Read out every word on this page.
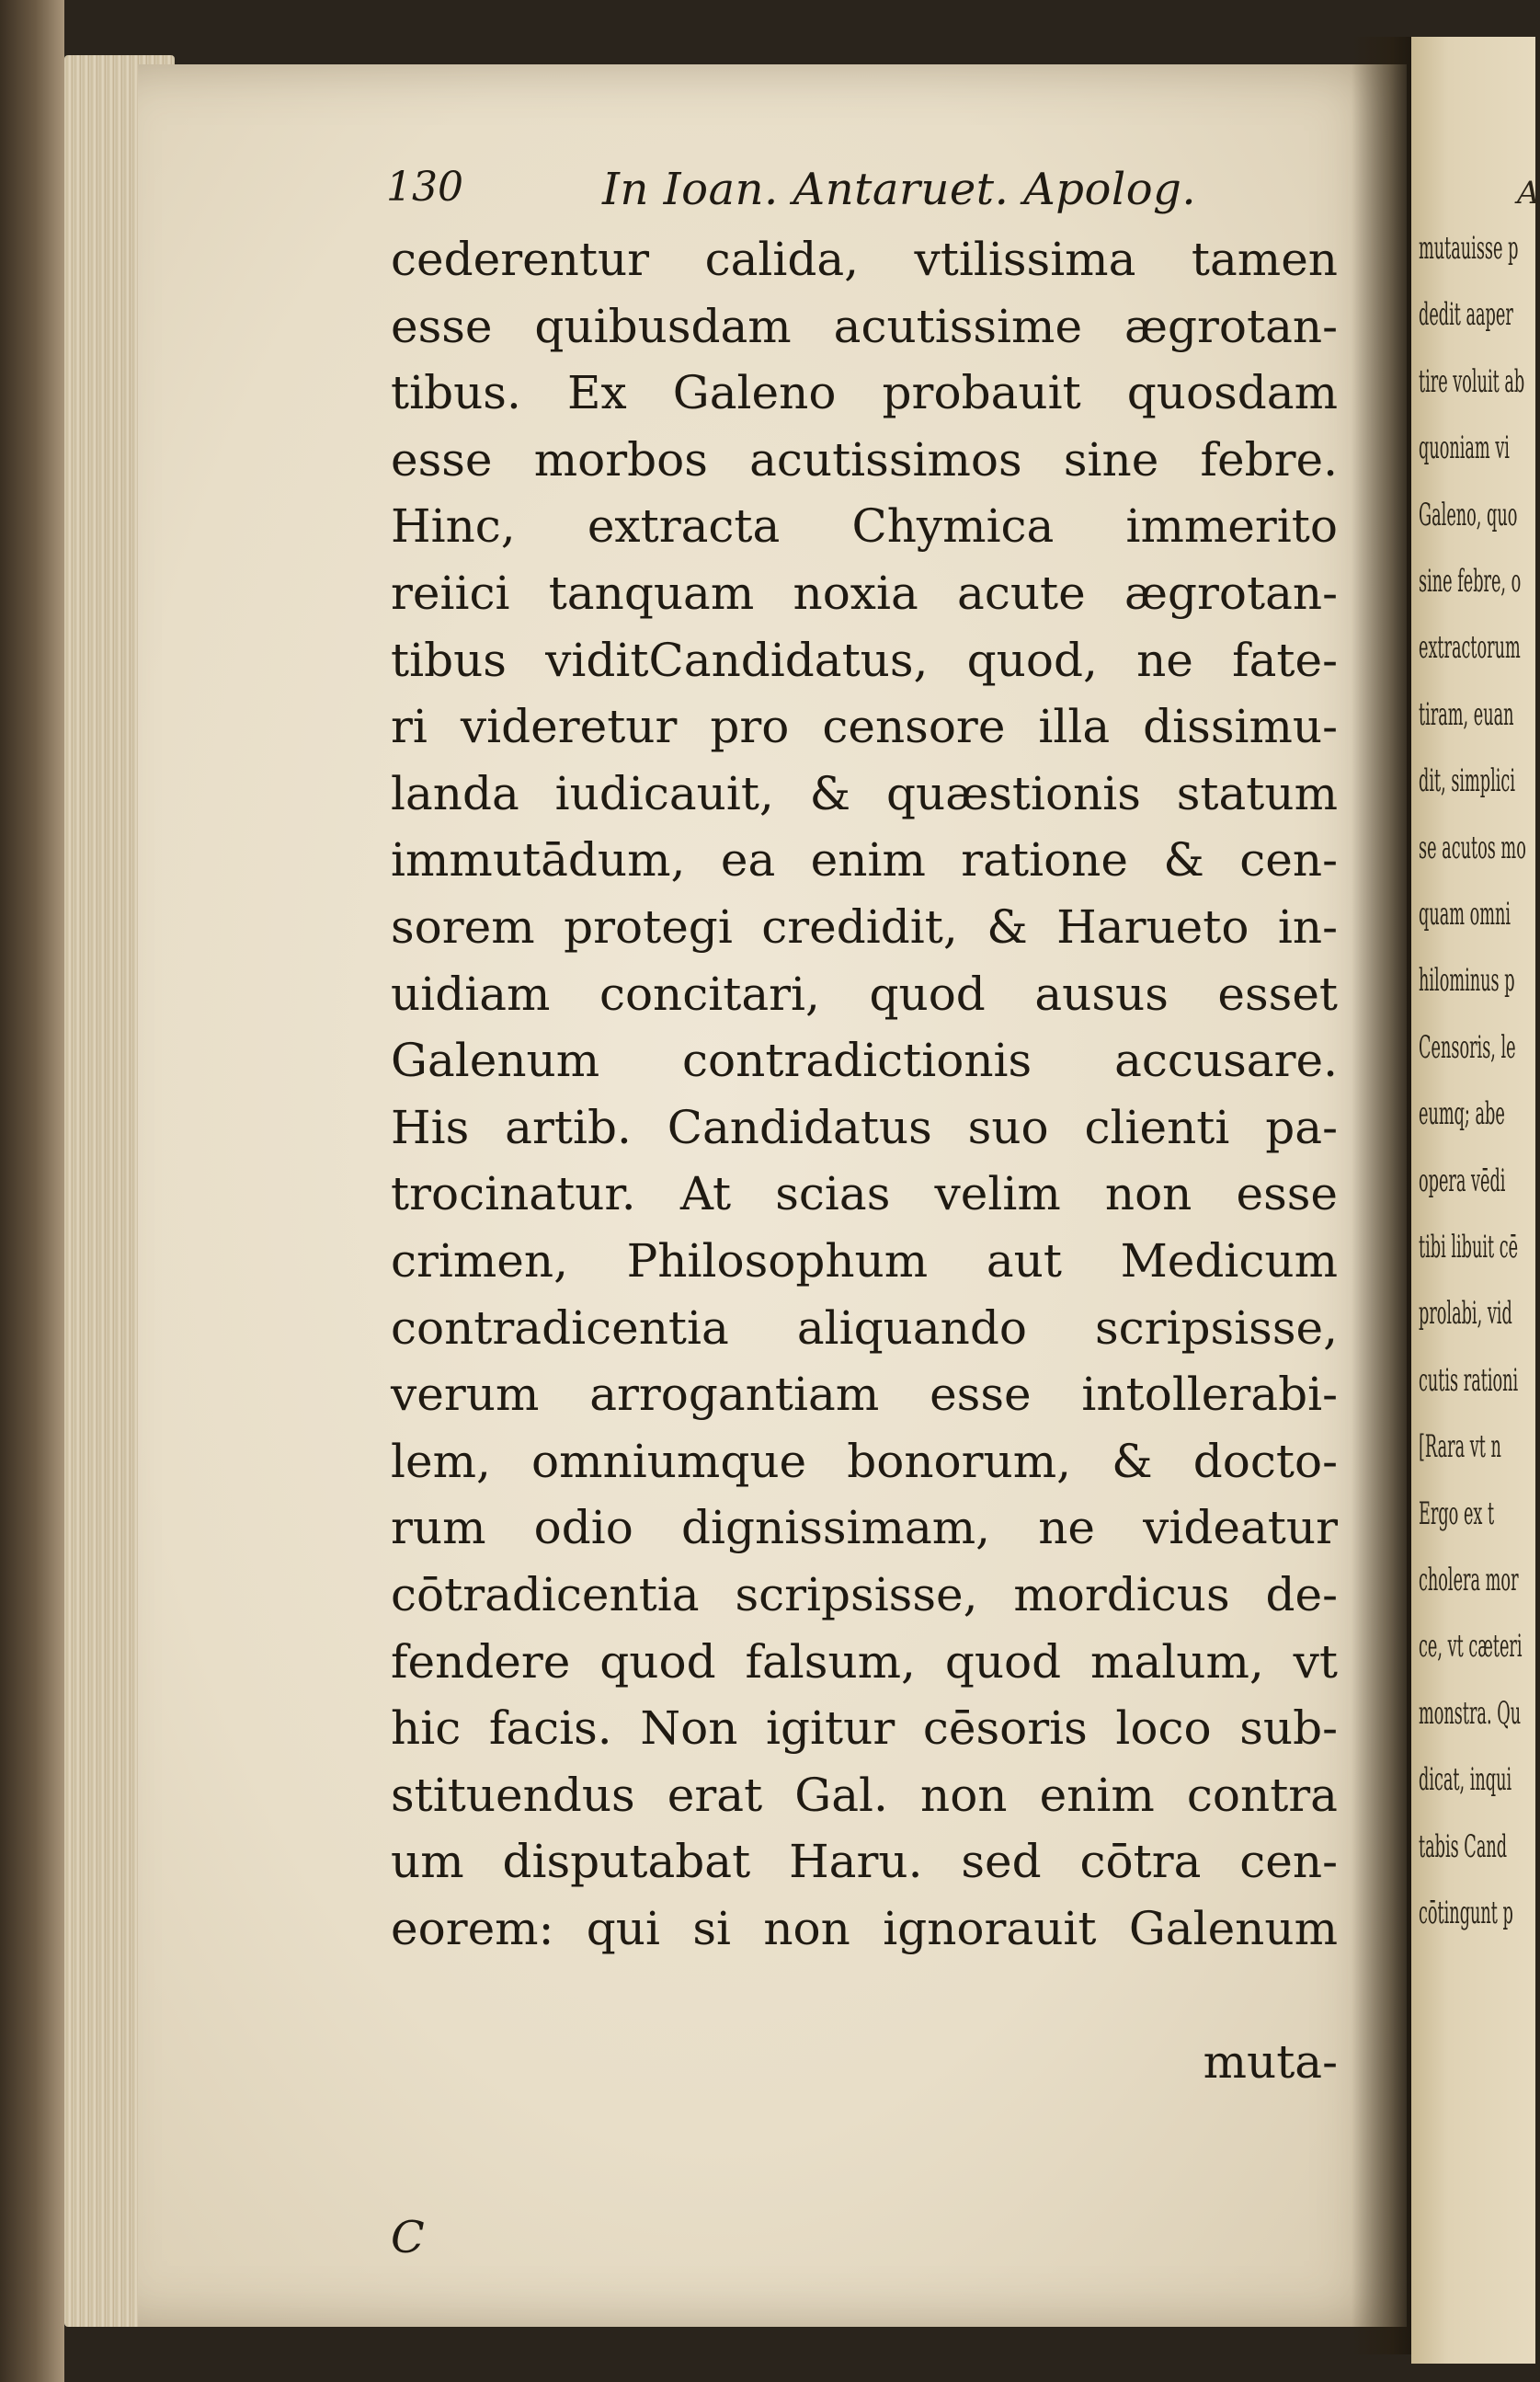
A
mutauisse p
dedit aaper
tire voluit ab
quoniam vi
Galeno, quo
sine febre, o
extractorum
tiram, euan
dit, simplici
se acutos mo
quam omni
hilominus p
Censoris, le
eumq; abe
opera vēdi
tibi libuit cē
prolabi, vid
cutis rationi
[Rara vt n
Ergo ex t
cholera mor
ce, vt cæteri
monstra. Qu
dicat, inqui
tabis Cand
cōtingunt p
130	In Ioan. Antaruet. Apolog.
cederentur calida, vtilissima tamen
esse quibusdam acutissime ægrotan-
tibus. Ex Galeno probauit quosdam
esse morbos acutissimos sine febre.
Hinc, extracta Chymica immerito
reiici tanquam noxia acute ægrotan-
tibus viditCandidatus, quod, ne fate-
ri videretur pro censore illa dissimu-
landa iudicauit, & quæstionis statum
immutādum, ea enim ratione & cen-
sorem protegi credidit, & Harueto in-
uidiam concitari, quod ausus esset
Galenum contradictionis accusare.
His artib. Candidatus suo clienti pa-
trocinatur. At scias velim non esse
crimen, Philosophum aut Medicum
contradicentia aliquando scripsisse,
verum arrogantiam esse intollerabi-
lem, omniumque bonorum, & docto-
rum odio dignissimam, ne videatur
cōtradicentia scripsisse, mordicus de-
fendere quod falsum, quod malum, vt
hic facis. Non igitur cēsoris loco sub-
stituendus erat Gal. non enim contra
um disputabat Haru. sed cōtra cen-
eorem: qui si non ignorauit Galenum
muta-
C
